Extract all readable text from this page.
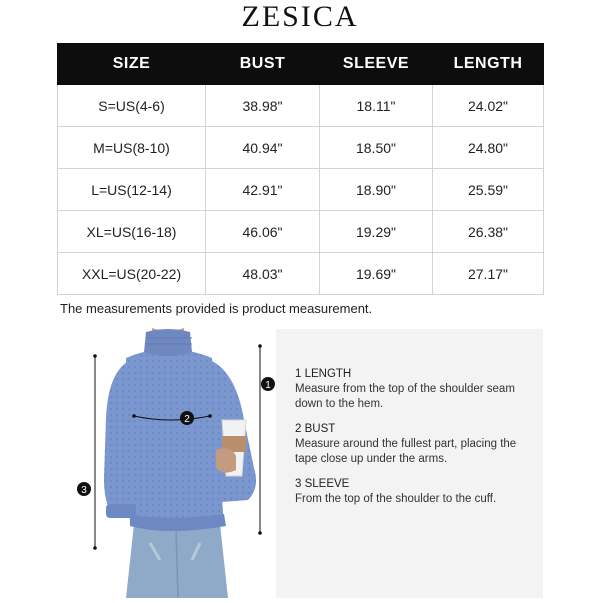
ZESICA
SIZE	BUST	SLEEVE	LENGTH
S=US(4-6)	38.98"	18.11"	24.02"
M=US(8-10)	40.94"	18.50"	24.80"
L=US(12-14)	42.91"	18.90"	25.59"
XL=US(16-18)	46.06"	19.29"	26.38"
XXL=US(20-22)	48.03"	19.69"	27.17"
The measurements provided is product measurement.
1
2
3
1 LENGTH
Measure from the top of the shoulder seam down to the hem.
2 BUST
Measure around the fullest part, placing the tape close up under the arms.
3 SLEEVE
From the top of the shoulder to the cuff.
